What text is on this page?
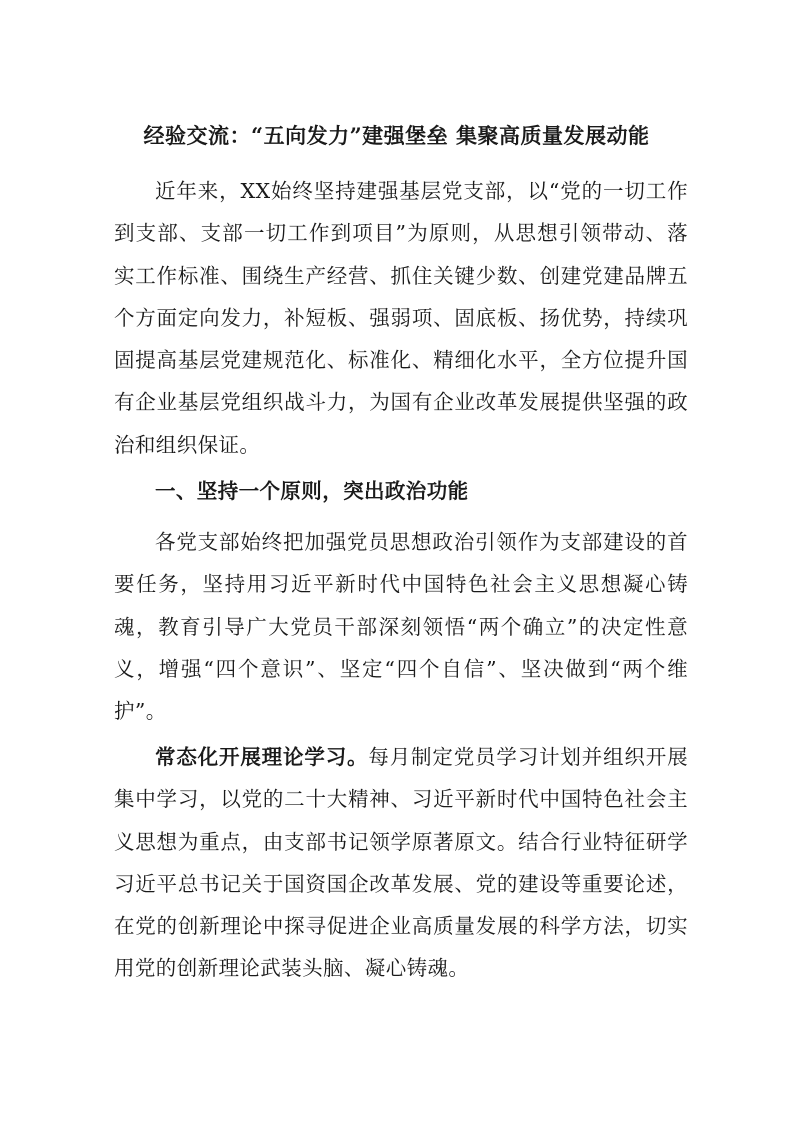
经验交流：“五向发力”建强堡垒 集聚高质量发展动能

近年来，XX始终坚持建强基层党支部，以“党的一切工作到支部、支部一切工作到项目”为原则，从思想引领带动、落实工作标准、围绕生产经营、抓住关键少数、创建党建品牌五个方面定向发力，补短板、强弱项、固底板、扬优势，持续巩固提高基层党建规范化、标准化、精细化水平，全方位提升国有企业基层党组织战斗力，为国有企业改革发展提供坚强的政治和组织保证。

一、坚持一个原则，突出政治功能

各党支部始终把加强党员思想政治引领作为支部建设的首要任务，坚持用习近平新时代中国特色社会主义思想凝心铸魂，教育引导广大党员干部深刻领悟“两个确立”的决定性意义，增强“四个意识”、坚定“四个自信”、坚决做到“两个维护”。

常态化开展理论学习。每月制定党员学习计划并组织开展集中学习，以党的二十大精神、习近平新时代中国特色社会主义思想为重点，由支部书记领学原著原文。结合行业特征研学　习近平总书记关于国资国企改革发展、党的建设等重要论述，在党的创新理论中探寻促进企业高质量发展的科学方法，切实用党的创新理论武装头脑、凝心铸魂。
